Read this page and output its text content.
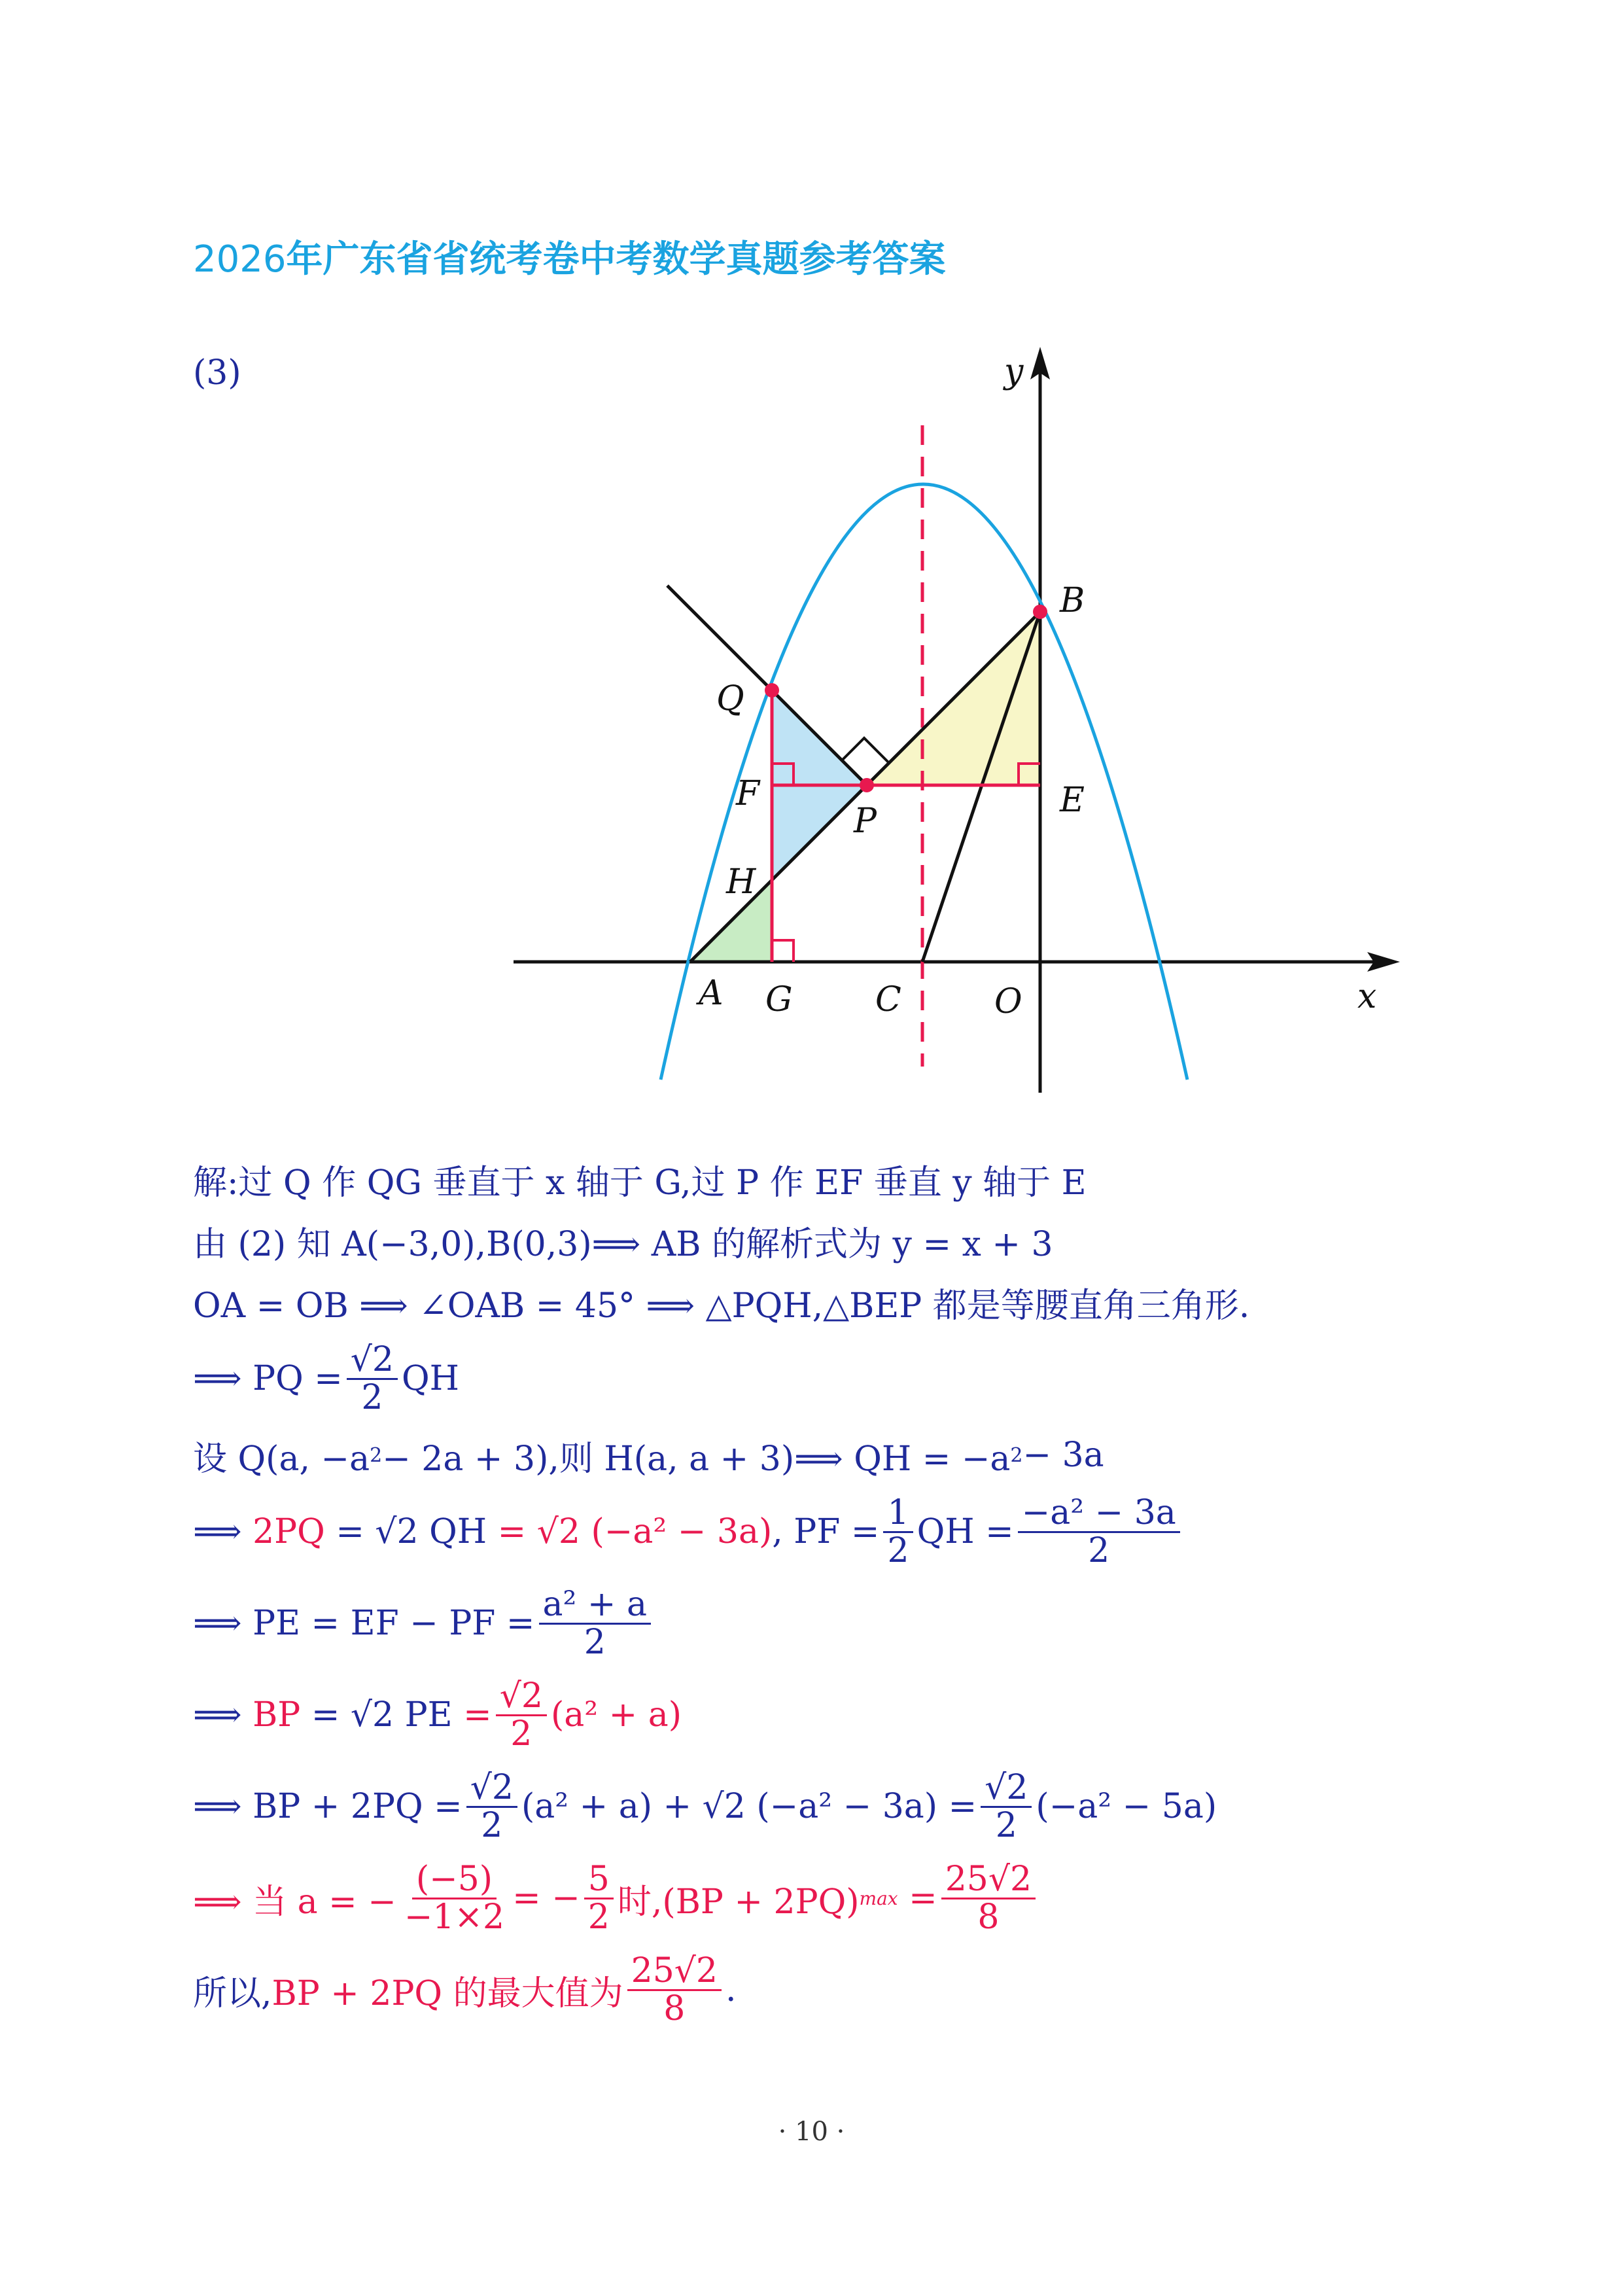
2026年广东省省统考卷中考数学真题参考答案
(3)	y
x
B
Q
F
P
E
H
A G C	O
解:过 Q 作 QG 垂直于 x 轴于 G,过 P 作 EF 垂直 y 轴于 E
由 (2) 知 A(−3,0),B(0,3)⟹ AB 的解析式为 y = x + 3
OA = OB ⟹ ∠OAB = 45° ⟹ △PQH,△BEP 都是等腰直角三角形.
⟹ PQ = $\frac{√2}{2}$ QH
设 Q(a, −a 2 − 2a + 3),则 H(a, a + 3)⟹ QH = −a 2 − 3a
⟹
2PQ
= √2 QH
= √2 (−a² − 3a) , PF = $\frac{1}{2}$ QH = $\frac{\text{−a² − 3a}}{2}$
⟹ PE = EF − PF = $\frac{\text{a² + a}}{2}$
⟹
BP
= √2 PE
= $\frac{√2}{2} (a^2 + a)$
⟹ BP + $2PQ = \frac{√2}{2} (a^2 + a) + √2$ $(-a^2 - 3a) = \frac{√2}{2} (-a^2 - 5a)$
⟹ 当 a = − $\frac{(-5)}{-1\times 2}$ = − $\frac{5}{2}$ 时,(BP + 2PQ) max
= $\frac{25√2}{8}$
所以, BP + 2PQ 的最大值为
25√2
8 .
· 10 ·
